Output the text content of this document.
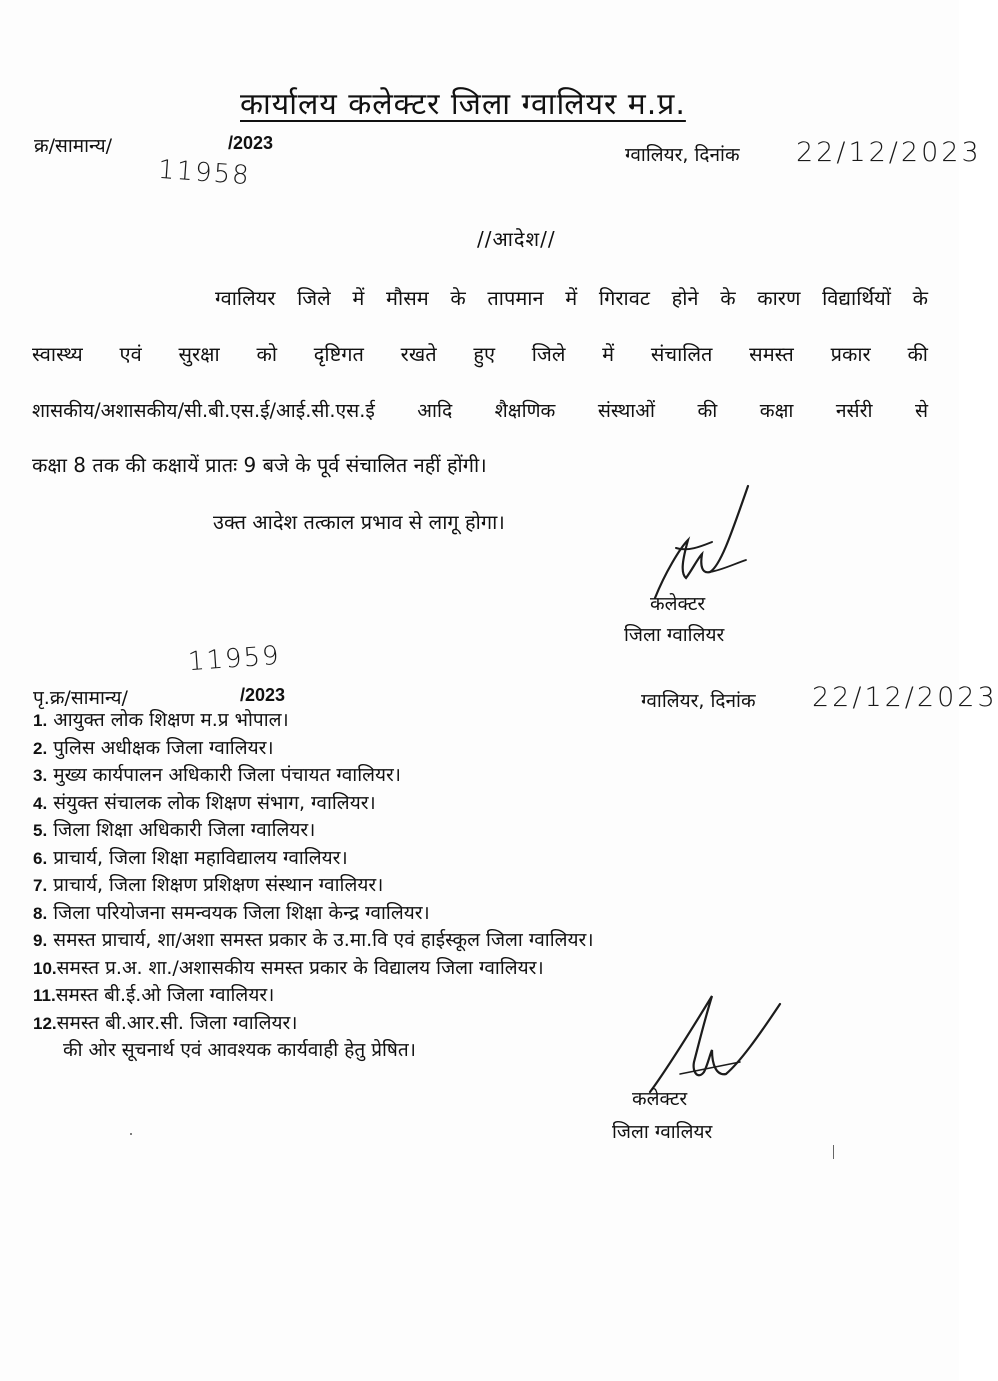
कार्यालय कलेक्टर जिला ग्वालियर म.प्र.
क्र/सामान्य/	/2023
11958	ग्वालियर, दिनांक 22/12/2023
//आदेश//
ग्वालियर जिले में मौसम के तापमान में गिरावट होने के कारण विद्यार्थियों के
स्वास्थ्य एवं सुरक्षा को दृष्टिगत रखते हुए जिले में संचालित समस्त प्रकार की
शासकीय/अशासकीय/सी.बी.एस.ई/आई.सी.एस.ई आदि शैक्षणिक संस्थाओं की कक्षा नर्सरी से
कक्षा 8 तक की कक्षायें प्रातः 9 बजे के पूर्व संचालित नहीं होंगी।
उक्त आदेश तत्काल प्रभाव से लागू होगा।
कलेक्टर
जिला ग्वालियर
11959
पृ.क्र/सामान्य/	/2023	ग्वालियर, दिनांक 22/12/2023
1. आयुक्त लोक शिक्षण म.प्र भोपाल।
2. पुलिस अधीक्षक जिला ग्वालियर।
3. मुख्य कार्यपालन अधिकारी जिला पंचायत ग्वालियर।
4. संयुक्त संचालक लोक शिक्षण संभाग, ग्वालियर।
5. जिला शिक्षा अधिकारी जिला ग्वालियर।
6. प्राचार्य, जिला शिक्षा महाविद्यालय ग्वालियर।
7. प्राचार्य, जिला शिक्षण प्रशिक्षण संस्थान ग्वालियर।
8. जिला परियोजना समन्वयक जिला शिक्षा केन्द्र ग्वालियर।
9. समस्त प्राचार्य, शा/अशा समस्त प्रकार के उ.मा.वि एवं हाईस्कूल जिला ग्वालियर।
10.समस्त प्र.अ. शा./अशासकीय समस्त प्रकार के विद्यालय जिला ग्वालियर।
11.समस्त बी.ई.ओ जिला ग्वालियर।
12.समस्त बी.आर.सी. जिला ग्वालियर।
की ओर सूचनार्थ एवं आवश्यक कार्यवाही हेतु प्रेषित।
कलेक्टर
जिला ग्वालियर
